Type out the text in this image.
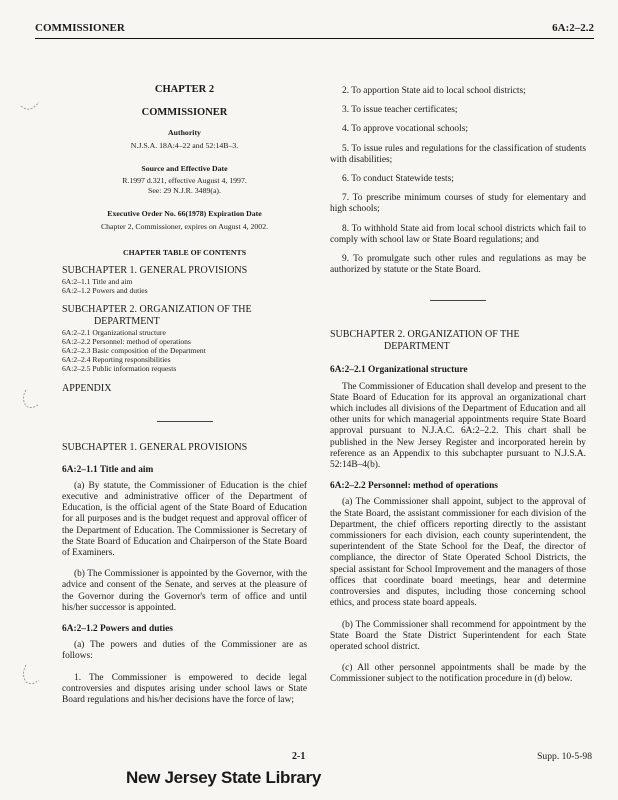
COMMISSIONER	6A:2–2.2
CHAPTER 2
COMMISSIONER
Authority
N.J.S.A. 18A:4–22 and 52:14B–3.
Source and Effective Date
R.1997 d.321, effective August 4, 1997.
See: 29 N.J.R. 3489(a).
Executive Order No. 66(1978) Expiration Date
Chapter 2, Commissioner, expires on August 4, 2002.
CHAPTER TABLE OF CONTENTS
SUBCHAPTER 1. GENERAL PROVISIONS
6A:2–1.1 Title and aim
6A:2–1.2 Powers and duties
SUBCHAPTER 2. ORGANIZATION OF THE
DEPARTMENT
6A:2–2.1 Organizational structure
6A:2–2.2 Personnel: method of operations
6A:2–2.3 Basic composition of the Department
6A:2–2.4 Reporting responsibilities
6A:2–2.5 Public information requests
APPENDIX
SUBCHAPTER 1. GENERAL PROVISIONS
6A:2–1.1 Title and aim

(a) By statute, the Commissioner of Education is the chief executive and administrative officer of the Department of Education, is the official agent of the State Board of Education for all purposes and is the budget request and approval officer of the Department of Education. The Commissioner is Secretary of the State Board of Education and Chairperson of the State Board of Examiners.

(b) The Commissioner is appointed by the Governor, with the advice and consent of the Senate, and serves at the pleasure of the Governor during the Governor's term of office and until his/her successor is appointed.

6A:2–1.2 Powers and duties

(a) The powers and duties of the Commissioner are as follows:

1. The Commissioner is empowered to decide legal controversies and disputes arising under school laws or State Board regulations and his/her decisions have the force of law;

2. To apportion State aid to local school districts;

3. To issue teacher certificates;

4. To approve vocational schools;

5. To issue rules and regulations for the classification of students with disabilities;

6. To conduct Statewide tests;

7. To prescribe minimum courses of study for elementary and high schools;

8. To withhold State aid from local school districts which fail to comply with school law or State Board regulations; and

9. To promulgate such other rules and regulations as may be authorized by statute or the State Board.

SUBCHAPTER 2. ORGANIZATION OF THE
DEPARTMENT
6A:2–2.1 Organizational structure

The Commissioner of Education shall develop and present to the State Board of Education for its approval an organizational chart which includes all divisions of the Department of Education and all other units for which managerial appointments require State Board approval pursuant to N.J.A.C. 6A:2–2.2. This chart shall be published in the New Jersey Register and incorporated herein by reference as an Appendix to this subchapter pursuant to N.J.S.A. 52:14B–4(b).

6A:2–2.2 Personnel: method of operations

(a) The Commissioner shall appoint, subject to the approval of the State Board, the assistant commissioner for each division of the Department, the chief officers reporting directly to the assistant commissioners for each division, each county superintendent, the superintendent of the State School for the Deaf, the director of compliance, the director of State Operated School Districts, the special assistant for School Improvement and the managers of those offices that coordinate board meetings, hear and determine controversies and disputes, including those concerning school ethics, and process state board appeals.

(b) The Commissioner shall recommend for appointment by the State Board the State District Superintendent for each State operated school district.

(c) All other personnel appointments shall be made by the Commissioner subject to the notification procedure in (d) below.

2-1	Supp. 10-5-98
New Jersey State Library
